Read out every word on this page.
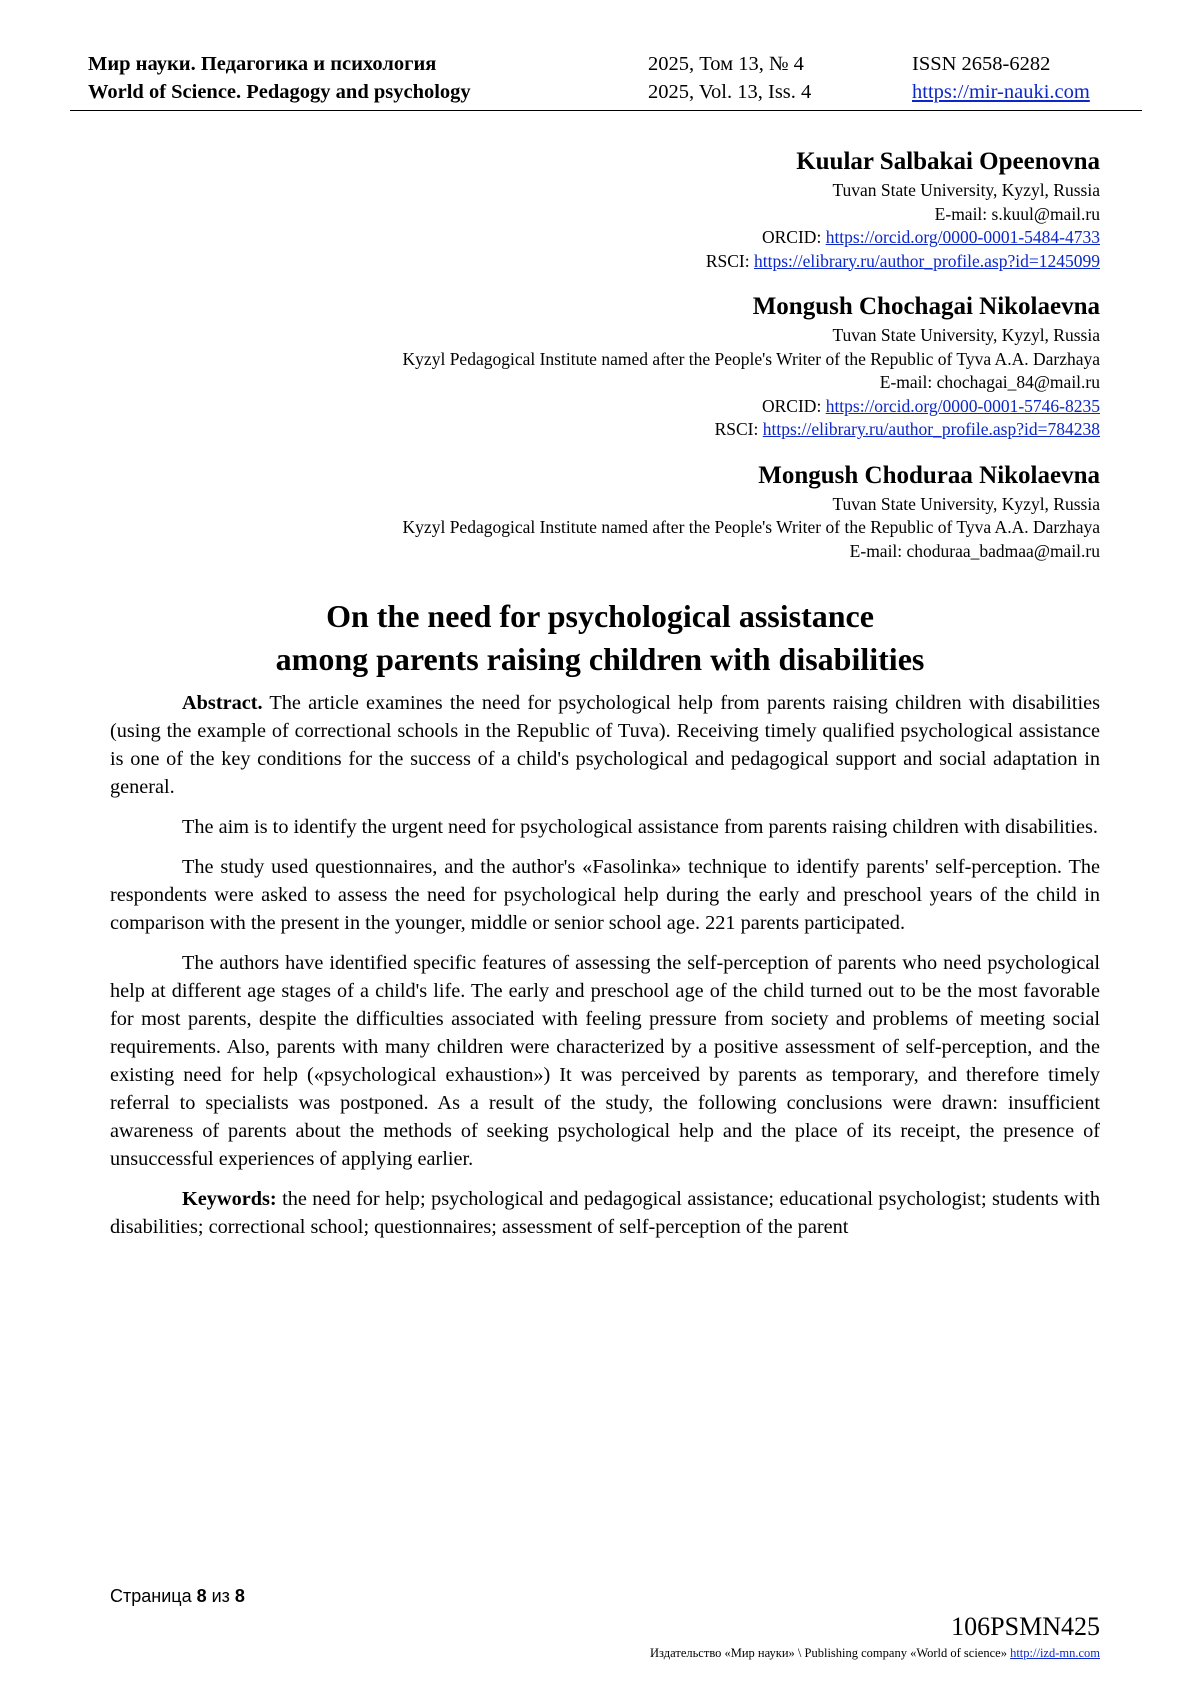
Мир науки. Педагогика и психология
World of Science. Pedagogy and psychology
2025, Том 13, № 4
2025, Vol. 13, Iss. 4
ISSN 2658-6282
https://mir-nauki.com
Kuular Salbakai Opeenovna
Tuvan State University, Kyzyl, Russia
E-mail: s.kuul@mail.ru
ORCID: https://orcid.org/0000-0001-5484-4733
RSCI: https://elibrary.ru/author_profile.asp?id=1245099
Mongush Chochagai Nikolaevna
Tuvan State University, Kyzyl, Russia
Kyzyl Pedagogical Institute named after the People's Writer of the Republic of Tyva A.A. Darzhaya
E-mail: chochagai_84@mail.ru
ORCID: https://orcid.org/0000-0001-5746-8235
RSCI: https://elibrary.ru/author_profile.asp?id=784238
Mongush Choduraa Nikolaevna
Tuvan State University, Kyzyl, Russia
Kyzyl Pedagogical Institute named after the People's Writer of the Republic of Tyva A.A. Darzhaya
E-mail: choduraa_badmaa@mail.ru
On the need for psychological assistance
among parents raising children with disabilities

Abstract. The article examines the need for psychological help from parents raising children with disabilities (using the example of correctional schools in the Republic of Tuva). Receiving timely qualified psychological assistance is one of the key conditions for the success of a child's psychological and pedagogical support and social adaptation in general.

The aim is to identify the urgent need for psychological assistance from parents raising children with disabilities.

The study used questionnaires, and the author's «Fasolinka» technique to identify parents' self-perception. The respondents were asked to assess the need for psychological help during the early and preschool years of the child in comparison with the present in the younger, middle or senior school age. 221 parents participated.

The authors have identified specific features of assessing the self-perception of parents who need psychological help at different age stages of a child's life. The early and preschool age of the child turned out to be the most favorable for most parents, despite the difficulties associated with feeling pressure from society and problems of meeting social requirements. Also, parents with many children were characterized by a positive assessment of self-perception, and the existing need for help («psychological exhaustion») It was perceived by parents as temporary, and therefore timely referral to specialists was postponed. As a result of the study, the following conclusions were drawn: insufficient awareness of parents about the methods of seeking psychological help and the place of its receipt, the presence of unsuccessful experiences of applying earlier.

Keywords: the need for help; psychological and pedagogical assistance; educational psychologist; students with disabilities; correctional school; questionnaires; assessment of self-perception of the parent

Страница 8 из 8
106PSMN425
Издательство «Мир науки» \ Publishing company «World of science» http://izd-mn.com
